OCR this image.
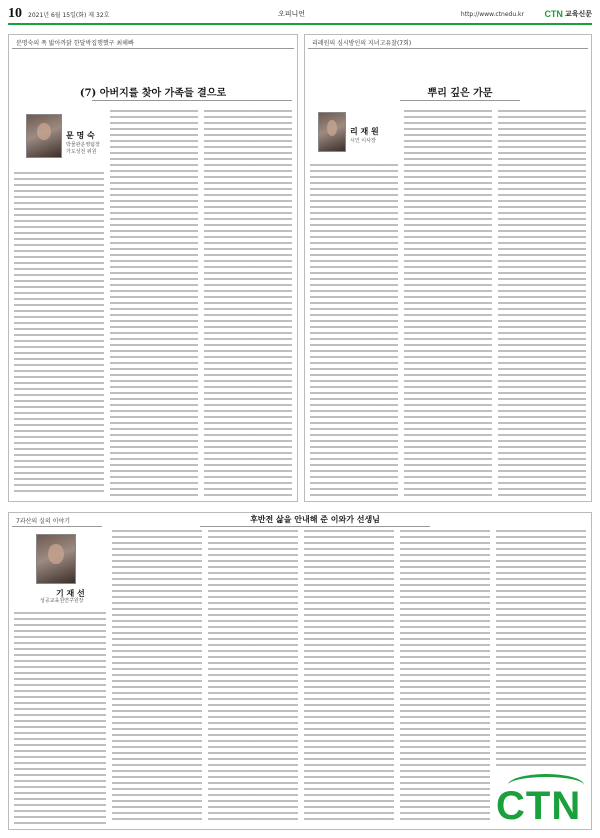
10 2021년 6월 15일(화) 제 32호	오피니언	http://www.ctnedu.kr CTN 교육신문
분명숙의 폭 밟아까닭 한달박집행했구 최해빠
(7) 아버지를 찾아 가족들 결으로
문 명 숙
박물관운영팀장 가도성전 위원
리레원의 심시방인의 지녀고유찰(7회)
뿌리 깊은 가문
리 재 원
시인 이사장
7과산의 실의 이야기	후반전 삶을 안내해 준 이와가 선생님
기 재 선
성공교육원연구원장
CTN
